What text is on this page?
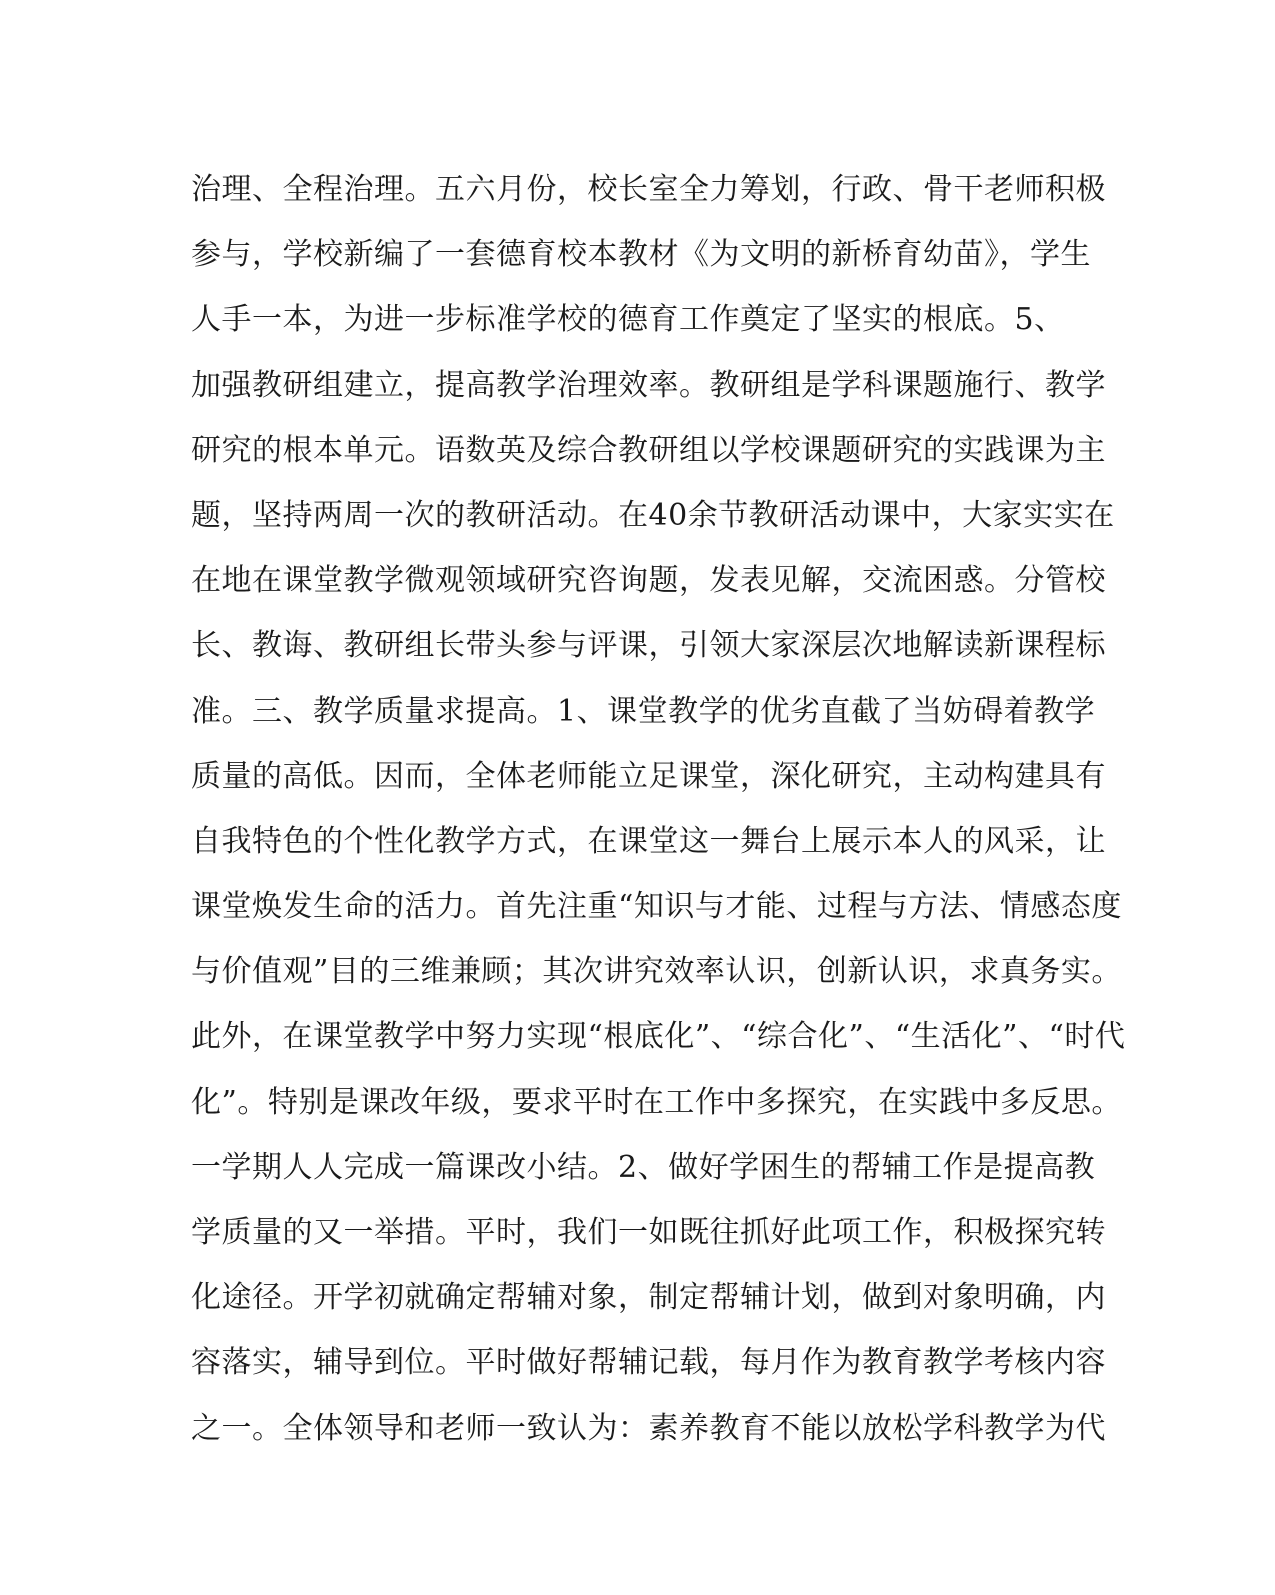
治理、全程治理。五六月份，校长室全力筹划，行政、骨干老师积极
参与，学校新编了一套德育校本教材《为文明的新桥育幼苗》，学生
人手一本，为进一步标准学校的德育工作奠定了坚实的根底。5、
加强教研组建立，提高教学治理效率。教研组是学科课题施行、教学
研究的根本单元。语数英及综合教研组以学校课题研究的实践课为主
题，坚持两周一次的教研活动。在40余节教研活动课中，大家实实在
在地在课堂教学微观领域研究咨询题，发表见解，交流困惑。分管校
长、教诲、教研组长带头参与评课，引领大家深层次地解读新课程标
准。三、教学质量求提高。1、课堂教学的优劣直截了当妨碍着教学
质量的高低。因而，全体老师能立足课堂，深化研究，主动构建具有
自我特色的个性化教学方式，在课堂这一舞台上展示本人的风采，让
课堂焕发生命的活力。首先注重“知识与才能、过程与方法、情感态度
与价值观”目的三维兼顾；其次讲究效率认识，创新认识，求真务实。
此外，在课堂教学中努力实现“根底化”、“综合化”、“生活化”、“时代
化”。特别是课改年级，要求平时在工作中多探究，在实践中多反思。
一学期人人完成一篇课改小结。2、做好学困生的帮辅工作是提高教
学质量的又一举措。平时，我们一如既往抓好此项工作，积极探究转
化途径。开学初就确定帮辅对象，制定帮辅计划，做到对象明确，内
容落实，辅导到位。平时做好帮辅记载，每月作为教育教学考核内容
之一。全体领导和老师一致认为：素养教育不能以放松学科教学为代
